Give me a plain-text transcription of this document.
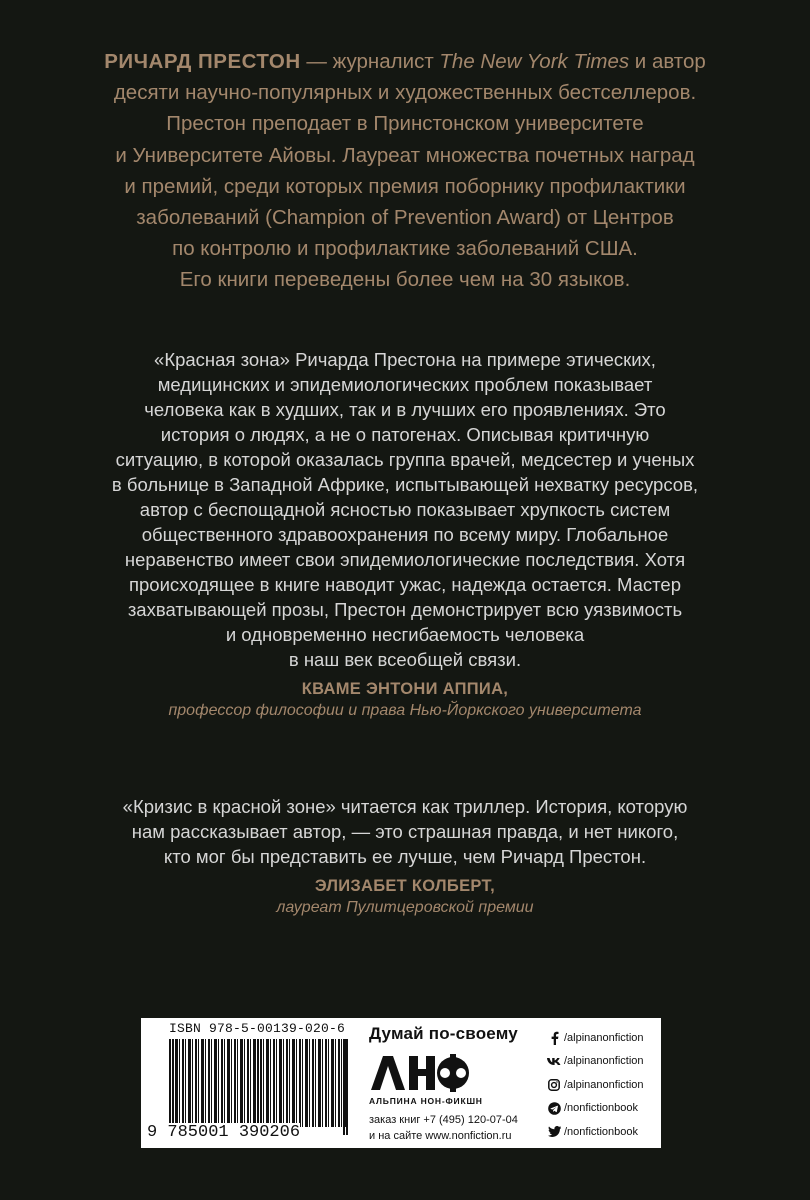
РИЧАРД ПРЕСТОН — журналист The New York Times и автор
десяти научно-популярных и художественных бестселлеров.
Престон преподает в Принстонском университете
и Университете Айовы. Лауреат множества почетных наград
и премий, среди которых премия поборнику профилактики
заболеваний (Champion of Prevention Award) от Центров
по контролю и профилактике заболеваний США.
Его книги переведены более чем на 30 языков.

«Красная зона» Ричарда Престона на примере этических,

медицинских и эпидемиологических проблем показывает

человека как в худших, так и в лучших его проявлениях. Это

история о людях, а не о патогенах. Описывая критичную

ситуацию, в которой оказалась группа врачей, медсестер и ученых

в больнице в Западной Африке, испытывающей нехватку ресурсов,

автор с беспощадной ясностью показывает хрупкость систем

общественного здравоохранения по всему миру. Глобальное

неравенство имеет свои эпидемиологические последствия. Хотя

происходящее в книге наводит ужас, надежда остается. Мастер

захватывающей прозы, Престон демонстрирует всю уязвимость

и одновременно несгибаемость человека

в наш век всеобщей связи.

КВАМЕ ЭНТОНИ АППИА,
профессор философии и права Нью-Йоркского университета

«Кризис в красной зоне» читается как триллер. История, которую

нам рассказывает автор, — это страшная правда, и нет никого,

кто мог бы представить ее лучше, чем Ричард Престон.

ЭЛИЗАБЕТ КОЛБЕРТ,
лауреат Пулитцеровской премии
ISBN 978-5-00139-020-6
9 785001 390206
Думай по-своему
АЛЬПИНА НОН-ФИКШН
заказ книг +7 (495) 120-07-04
и на сайте www.nonfiction.ru
/alpinanonfiction
/alpinanonfiction
/alpinanonfiction
/nonfictionbook
/nonfictionbook
